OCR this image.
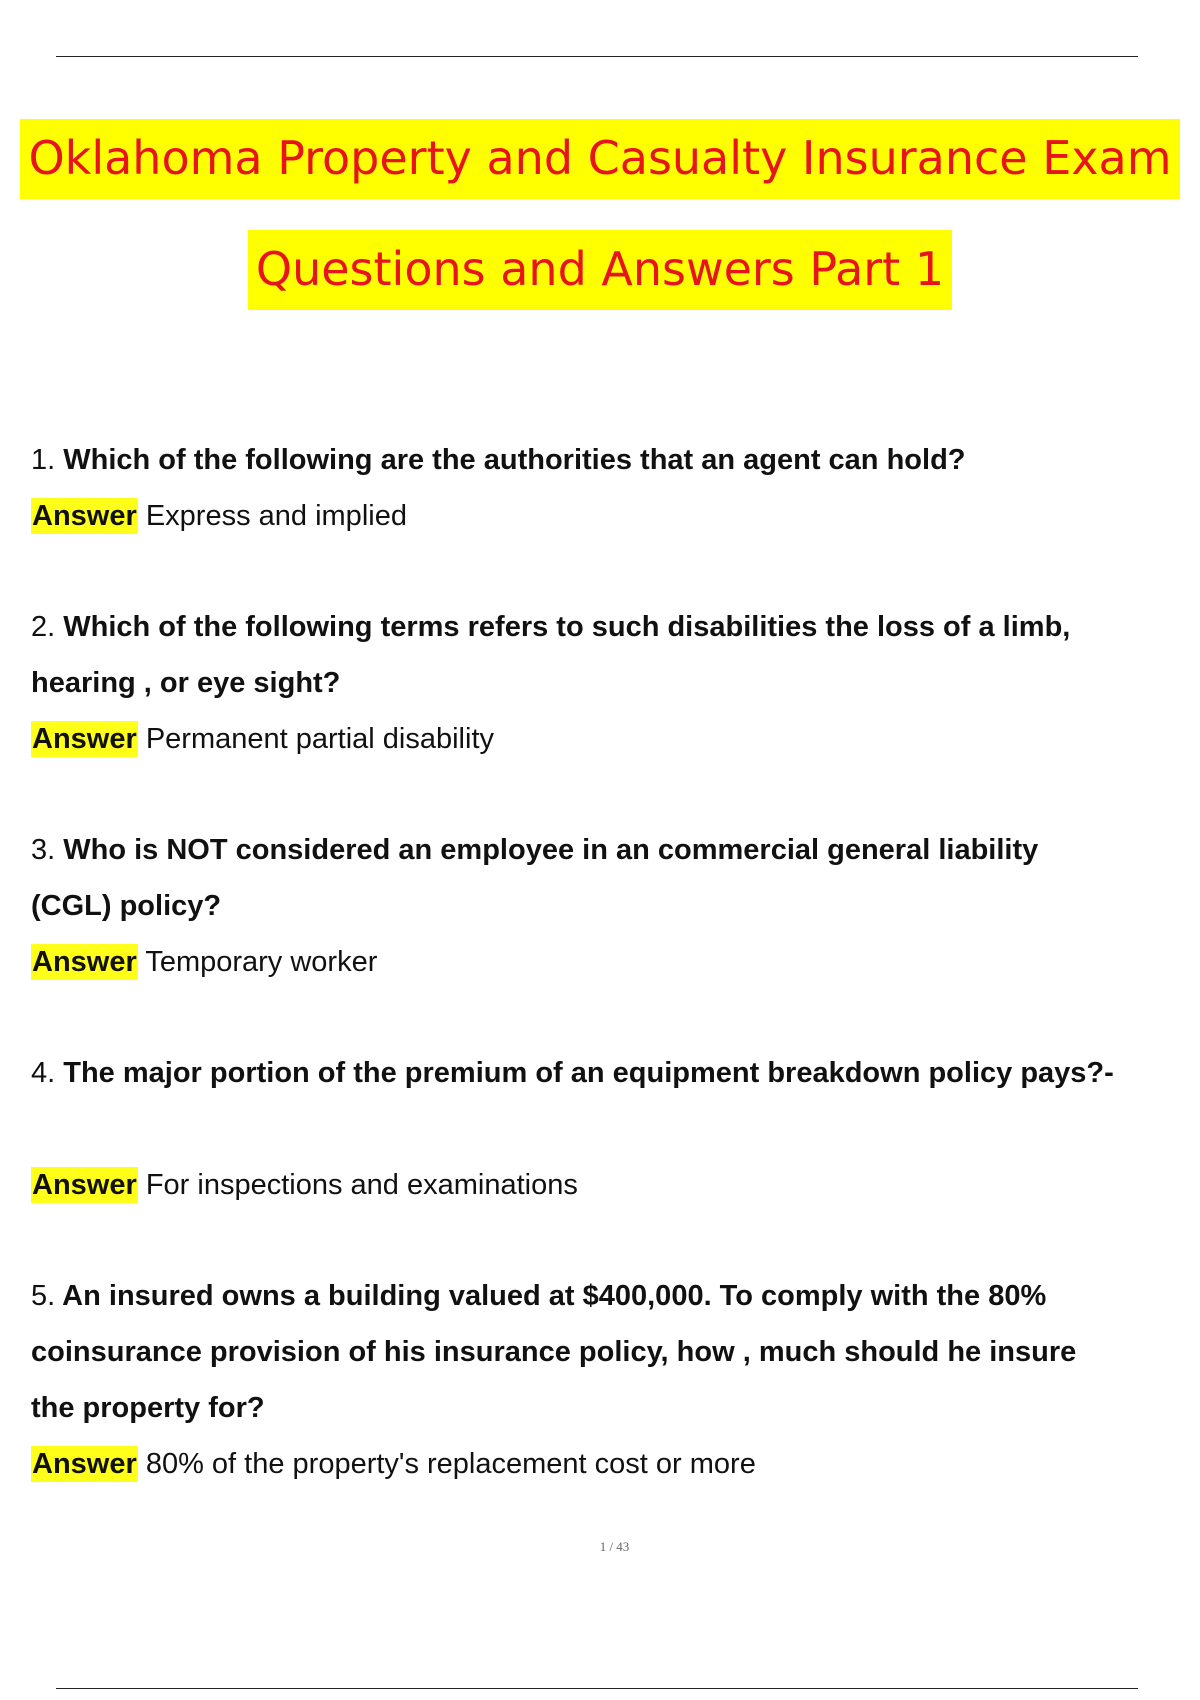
Oklahoma Property and Casualty Insurance Exam
Questions and Answers Part 1

1. Which of the following are the authorities that an agent can hold?

Answer Express and implied

2. Which of the following terms refers to such disabilities the loss of a limb,
hearing , or eye sight?

Answer Permanent partial disability

3. Who is NOT considered an employee in an commercial general liability
(CGL) policy?

Answer Temporary worker

4. The major portion of the premium of an equipment breakdown policy pays?-

Answer For inspections and examinations

5. An insured owns a building valued at $400,000. To comply with the 80%
coinsurance provision of his insurance policy, how , much should he insure
the property for?

Answer 80% of the property's replacement cost or more

1 / 43
